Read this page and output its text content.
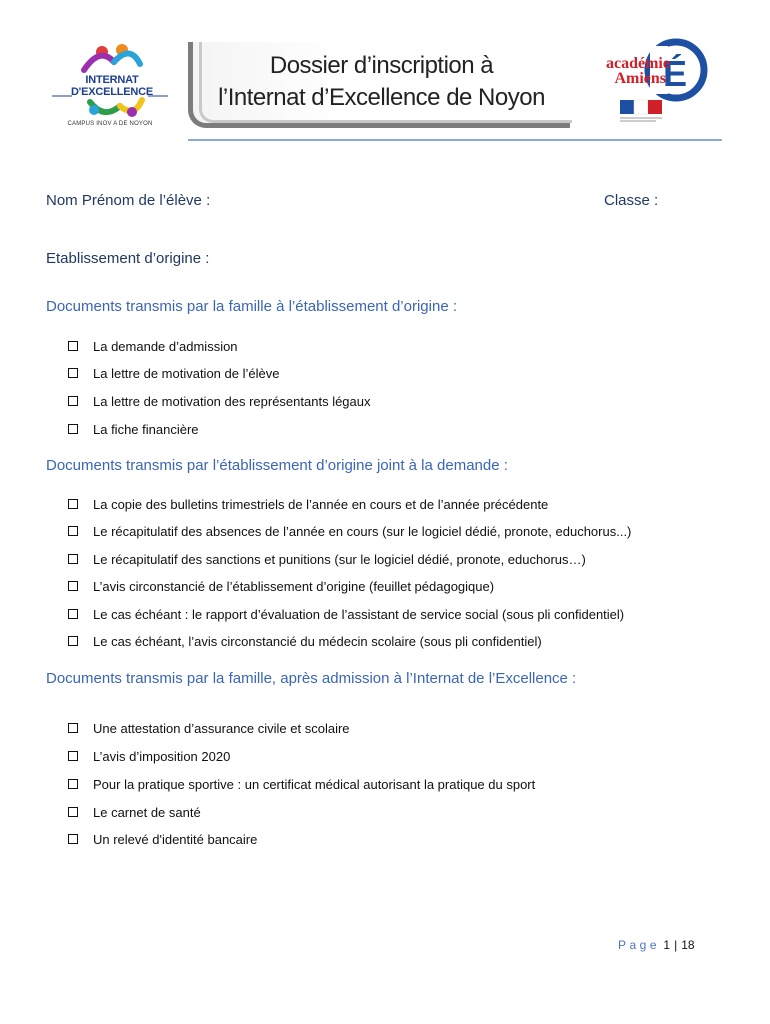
INTERNAT D'EXCELLENCE
CAMPUS INOV A DE NOYON
Dossier d’inscription à
l’Internat d’Excellence de Noyon
É
académie Amiens
Nom Prénom de l’élève :	Classe :
Etablissement d’origine :
Documents transmis par la famille à l’établissement d’origine :
La demande d’admission
La lettre de motivation de l’élève
La lettre de motivation des représentants légaux
La fiche financière
Documents transmis par l’établissement d’origine joint à la demande :
La copie des bulletins trimestriels de l’année en cours et de l’année précédente
Le récapitulatif des absences de l’année en cours (sur le logiciel dédié, pronote, educhorus...)
Le récapitulatif des sanctions et punitions (sur le logiciel dédié, pronote, educhorus…)
L’avis circonstancié de l’établissement d’origine (feuillet pédagogique)
Le cas échéant : le rapport d’évaluation de l’assistant de service social (sous pli confidentiel)
Le cas échéant, l’avis circonstancié du médecin scolaire (sous pli confidentiel)
Documents transmis par la famille, après admission à l’Internat de l’Excellence :
Une attestation d’assurance civile et scolaire
L’avis d’imposition 2020
Pour la pratique sportive : un certificat médical autorisant la pratique du sport
Le carnet de santé
Un relevé d'identité bancaire
Page 1 | 18
